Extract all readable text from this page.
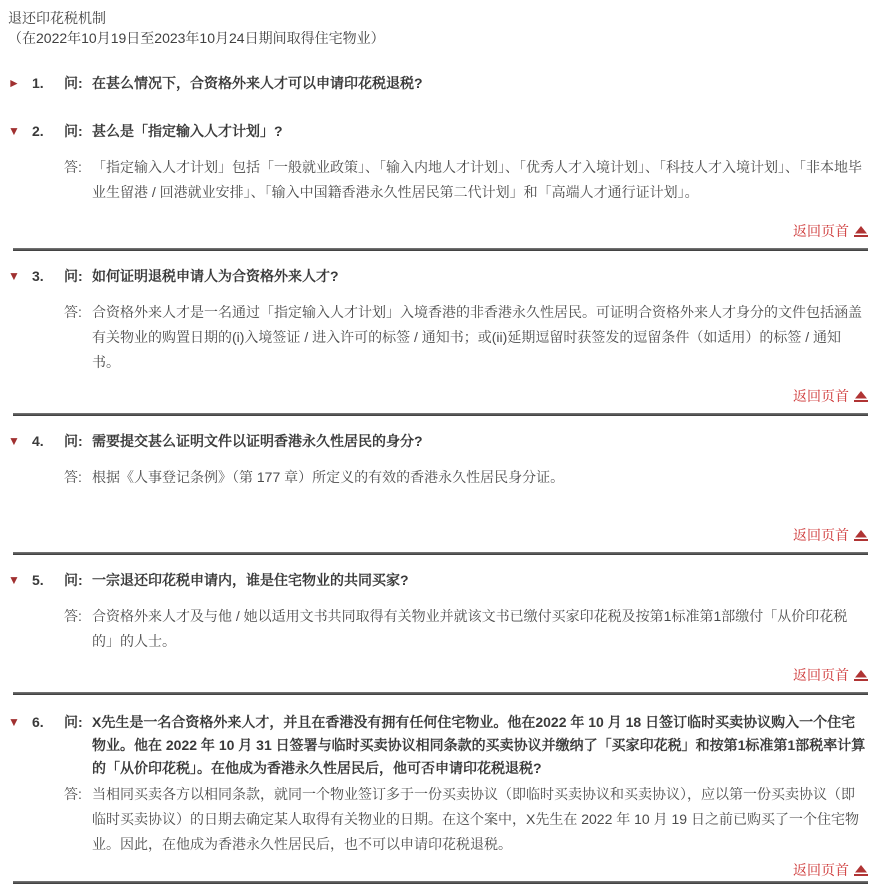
退还印花税机制
（在2022年10月19日至2023年10月24日期间取得住宅物业）
► 1.	问: 在甚么情况下，合资格外来人才可以申请印花税退税?
▼ 2.	问: 甚么是「指定输入人才计划」?
答: 「指定输入人才计划」包括「一般就业政策」、「输入内地人才计划」、「优秀人才入境计划」、「科技人才入境计划」、「非本地毕业生留港 / 回港就业安排」、「输入中国籍香港永久性居民第二代计划」和「高端人才通行证计划」。
返回页首
▼ 3.	问: 如何证明退税申请人为合资格外来人才?
答: 合资格外来人才是一名通过「指定输入人才计划」入境香港的非香港永久性居民。可证明合资格外来人才身分的文件包括涵盖有关物业的购置日期的(i)入境签证 / 进入许可的标签 / 通知书；或(ii)延期逗留时获签发的逗留条件（如适用）的标签 / 通知书。
返回页首
▼ 4.	问: 需要提交甚么证明文件以证明香港永久性居民的身分?
答: 根据《人事登记条例》（第 177 章）所定义的有效的香港永久性居民身分证。
返回页首
▼ 5.	问: 一宗退还印花税申请内，谁是住宅物业的共同买家?
答: 合资格外来人才及与他 / 她以适用文书共同取得有关物业并就该文书已缴付买家印花税及按第1标准第1部缴付「从价印花税的」的人士。
返回页首
▼ 6.	问: X先生是一名合资格外来人才，并且在香港没有拥有任何住宅物业。他在2022 年 10 月 18 日签订临时买卖协议购入一个住宅物业。他在 2022 年 10 月 31 日签署与临时买卖协议相同条款的买卖协议并缴纳了「买家印花税」和按第1标准第1部税率计算的「从价印花税」。在他成为香港永久性居民后，他可否申请印花税退税?
答: 当相同买卖各方以相同条款，就同一个物业签订多于一份买卖协议（即临时买卖协议和买卖协议），应以第一份买卖协议（即临时买卖协议）的日期去确定某人取得有关物业的日期。在这个案中，X先生在 2022 年 10 月 19 日之前已购买了一个住宅物业。因此，在他成为香港永久性居民后，也不可以申请印花税退税。
返回页首
